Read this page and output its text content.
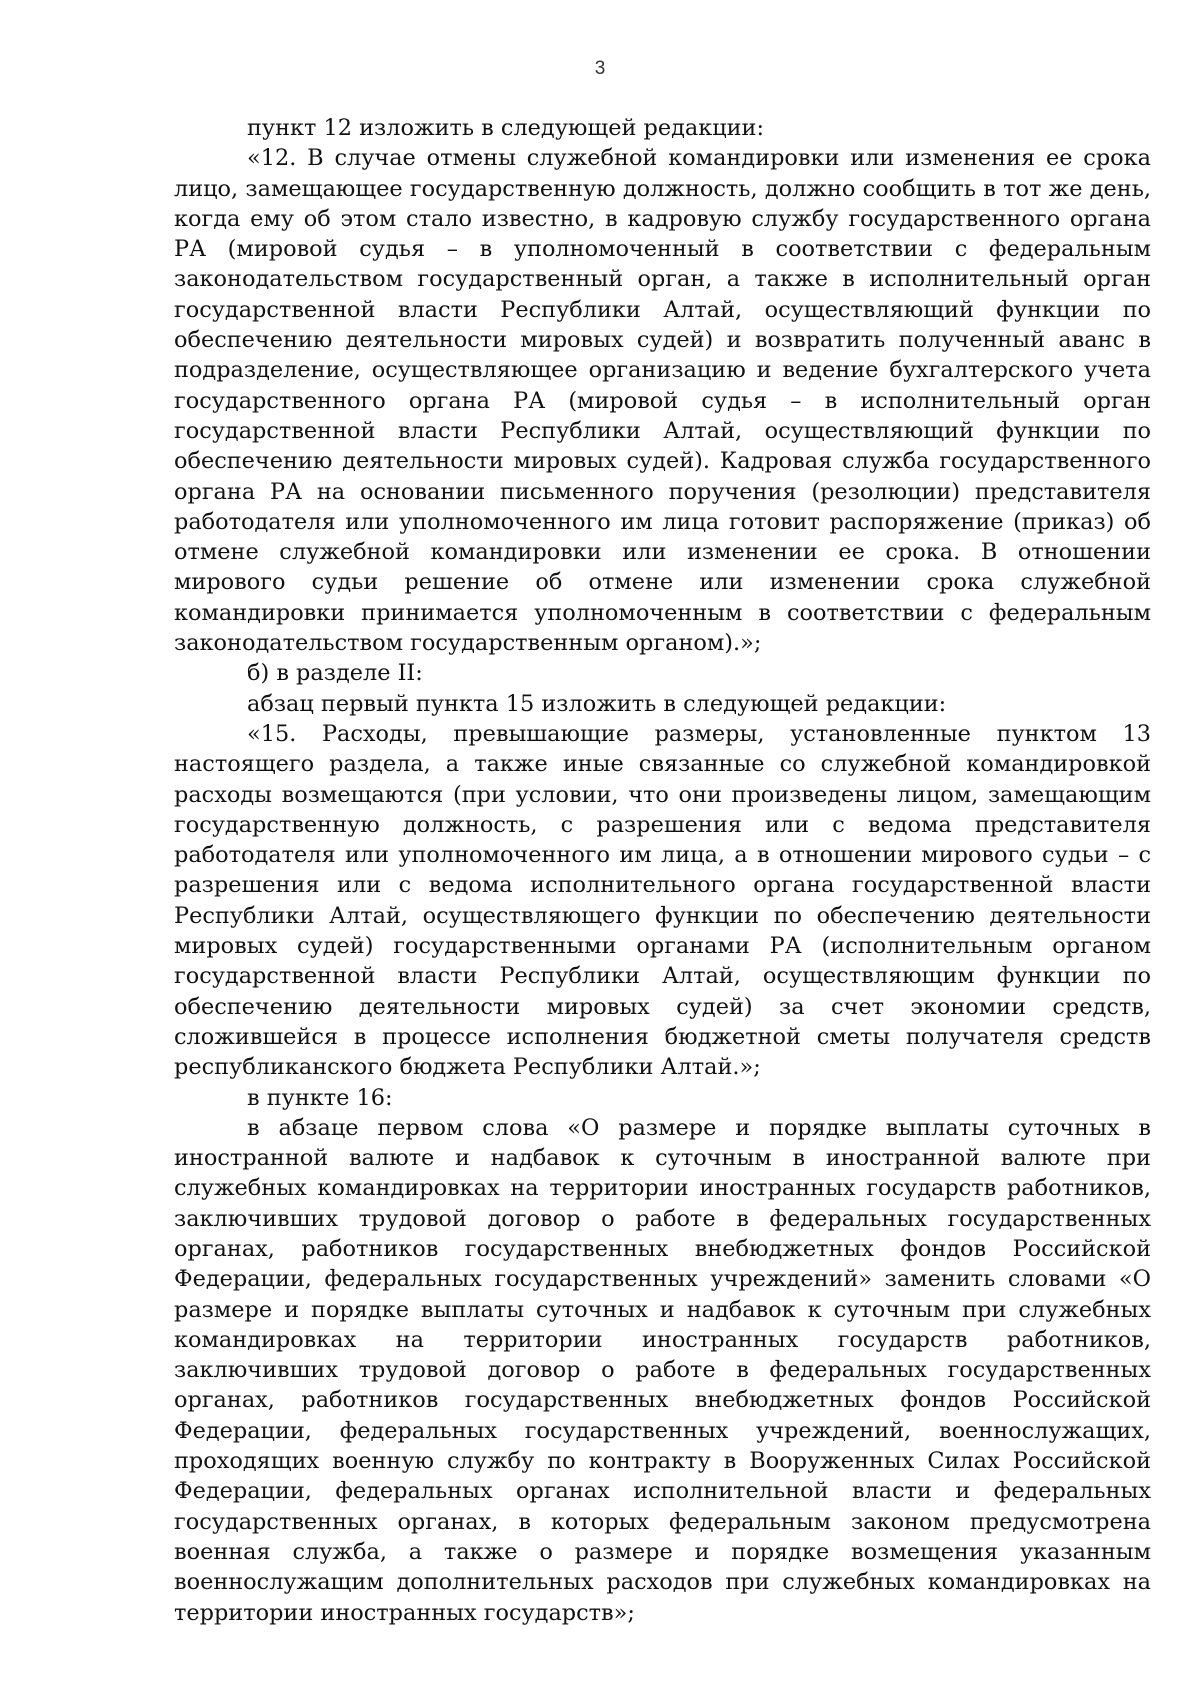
3

пункт 12 изложить в следующей редакции:

«12. В случае отмены служебной командировки или изменения ее срока лицо, замещающее государственную должность, должно сообщить в тот же день, когда ему об этом стало известно, в кадровую службу государственного органа РА (мировой судья – в уполномоченный в соответствии с федеральным законодательством государственный орган, а также в исполнительный орган государственной власти Республики Алтай, осуществляющий функции по обеспечению деятельности мировых судей) и возвратить полученный аванс в подразделение, осуществляющее организацию и ведение бухгалтерского учета государственного органа РА (мировой судья – в исполнительный орган государственной власти Республики Алтай, осуществляющий функции по обеспечению деятельности мировых судей). Кадровая служба государственного органа РА на основании письменного поручения (резолюции) представителя работодателя или уполномоченного им лица готовит распоряжение (приказ) об отмене служебной командировки или изменении ее срока. В отношении мирового судьи решение об отмене или изменении срока служебной командировки принимается уполномоченным в соответствии с федеральным законодательством государственным органом).»;

б) в разделе II:

абзац первый пункта 15 изложить в следующей редакции:

«15. Расходы, превышающие размеры, установленные пунктом 13 настоящего раздела, а также иные связанные со служебной командировкой расходы возмещаются (при условии, что они произведены лицом, замещающим государственную должность, с разрешения или с ведома представителя работодателя или уполномоченного им лица, а в отношении мирового судьи – с разрешения или с ведома исполнительного органа государственной власти Республики Алтай, осуществляющего функции по обеспечению деятельности мировых судей) государственными органами РА (исполнительным органом государственной власти Республики Алтай, осуществляющим функции по обеспечению деятельности мировых судей) за счет экономии средств, сложившейся в процессе исполнения бюджетной сметы получателя средств республиканского бюджета Республики Алтай.»;

в пункте 16:

в абзаце первом слова «О размере и порядке выплаты суточных в иностранной валюте и надбавок к суточным в иностранной валюте при служебных командировках на территории иностранных государств работников, заключивших трудовой договор о работе в федеральных государственных органах, работников государственных внебюджетных фондов Российской Федерации, федеральных государственных учреждений» заменить словами «О размере и порядке выплаты суточных и надбавок к суточным при служебных командировках на территории иностранных государств работников, заключивших трудовой договор о работе в федеральных государственных органах, работников государственных внебюджетных фондов Российской Федерации, федеральных государственных учреждений, военнослужащих, проходящих военную службу по контракту в Вооруженных Силах Российской Федерации, федеральных органах исполнительной власти и федеральных государственных органах, в которых федеральным законом предусмотрена военная служба, а также о размере и порядке возмещения указанным военнослужащим дополнительных расходов при служебных командировках на территории иностранных государств»;
